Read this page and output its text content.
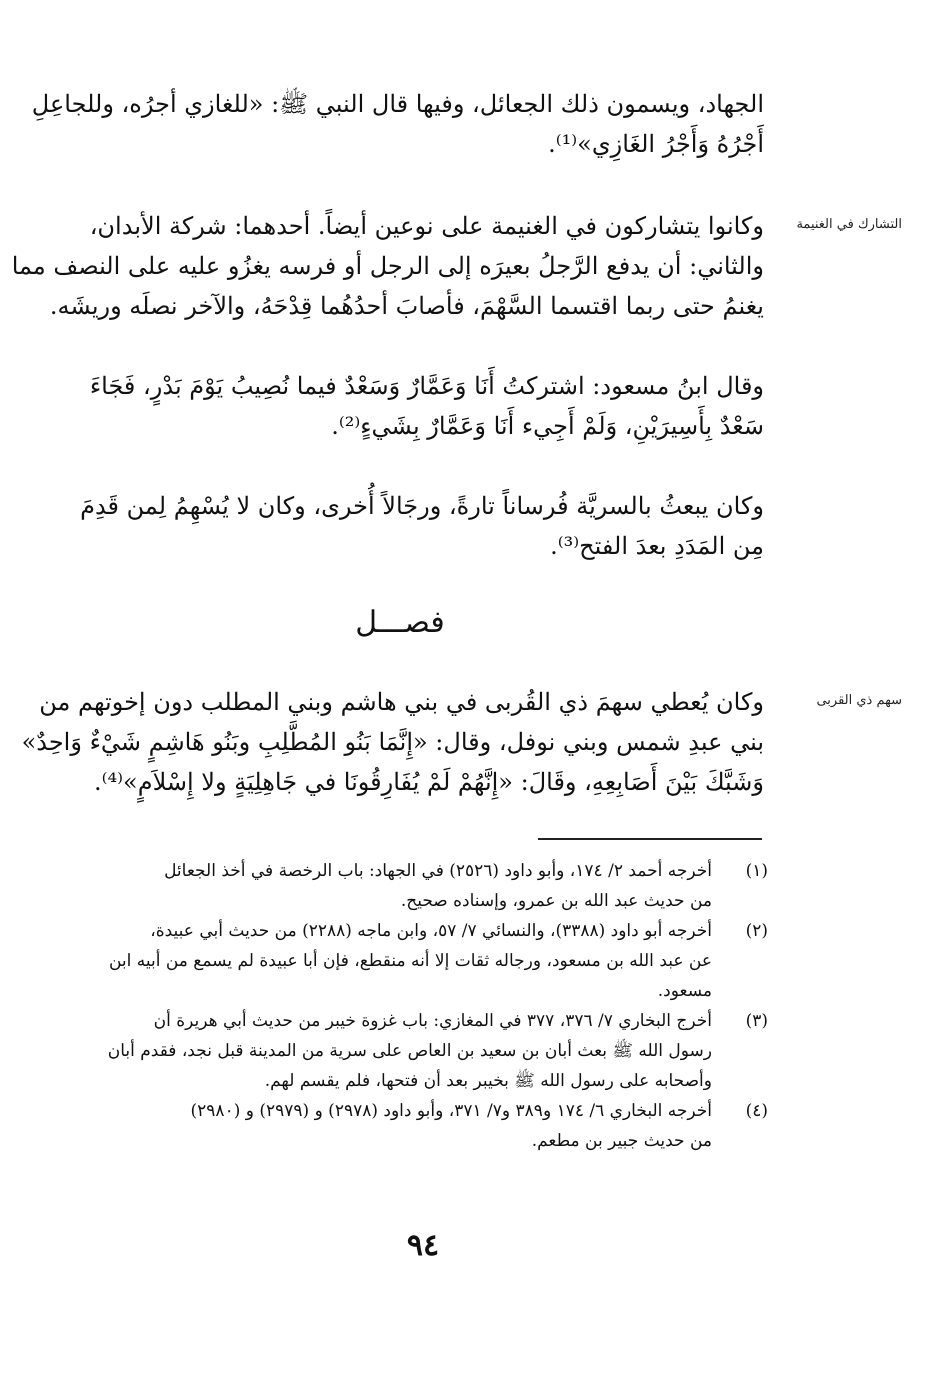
الجهاد، ويسمون ذلك الجعائل، وفيها قال النبي ﷺ: «للغازي أجرُه، وللجاعِلِ
أَجْرُهُ وَأَجْرُ الغَازِي»⁽¹⁾.
التشارك في الغنيمة
وكانوا يتشاركون في الغنيمة على نوعين أيضاً. أحدهما: شركة الأبدان،
والثاني: أن يدفع الرَّجلُ بعيرَه إلى الرجل أو فرسه يغزُو عليه على النصف مما
يغنمُ حتى ربما اقتسما السَّهْمَ، فأصابَ أحدُهُما قِدْحَهُ، والآخر نصلَه وريشَه.
وقال ابنُ مسعود: اشتركتُ أَنَا وَعَمَّارٌ وَسَعْدٌ فيما نُصِيبُ يَوْمَ بَدْرٍ، فَجَاءَ
سَعْدٌ بِأَسِيرَيْنِ، وَلَمْ أَجِيء أَنَا وَعَمَّارٌ بِشَيءٍ⁽²⁾.
وكان يبعثُ بالسريَّة فُرساناً تارةً، ورجَالاً أُخرى، وكان لا يُسْهِمُ لِمن قَدِمَ
مِن المَدَدِ بعدَ الفتح⁽³⁾.
فصـــل
سهم ذي القربى
وكان يُعطي سهمَ ذي القُربى في بني هاشم وبني المطلب دون إخوتهم من
بني عبدِ شمس وبني نوفل، وقال: «إِنَّمَا بَنُو المُطَّلِبِ وبَنُو هَاشِمٍ شَيْءٌ وَاحِدٌ»
وَشَبَّكَ بَيْنَ أَصَابِعِهِ، وقَالَ: «إِنَّهُمْ لَمْ يُفَارِقُونَا في جَاهِلِيَةٍ ولا إِسْلاَمٍ»⁽⁴⁾.
(١)
أخرجه أحمد ٢/ ١٧٤، وأبو داود (٢٥٢٦) في الجهاد: باب الرخصة في أخذ الجعائل
من حديث عبد الله بن عمرو، وإسناده صحيح.
(٢)
أخرجه أبو داود (٣٣٨٨)، والنسائي ٧/ ٥٧، وابن ماجه (٢٢٨٨) من حديث أبي عبيدة،
عن عبد الله بن مسعود، ورجاله ثقات إلا أنه منقطع، فإن أبا عبيدة لم يسمع من أبيه ابن
مسعود.
(٣)
أخرج البخاري ٧/ ٣٧٦، ٣٧٧ في المغازي: باب غزوة خيبر من حديث أبي هريرة أن
رسول الله ﷺ بعث أبان بن سعيد بن العاص على سرية من المدينة قبل نجد، فقدم أبان
وأصحابه على رسول الله ﷺ بخيبر بعد أن فتحها، فلم يقسم لهم.
(٤)
أخرجه البخاري ٦/ ١٧٤ و٣٨٩ و٧/ ٣٧١، وأبو داود (٢٩٧٨) و (٢٩٧٩) و (٢٩٨٠)
من حديث جبير بن مطعم.
٩٤
